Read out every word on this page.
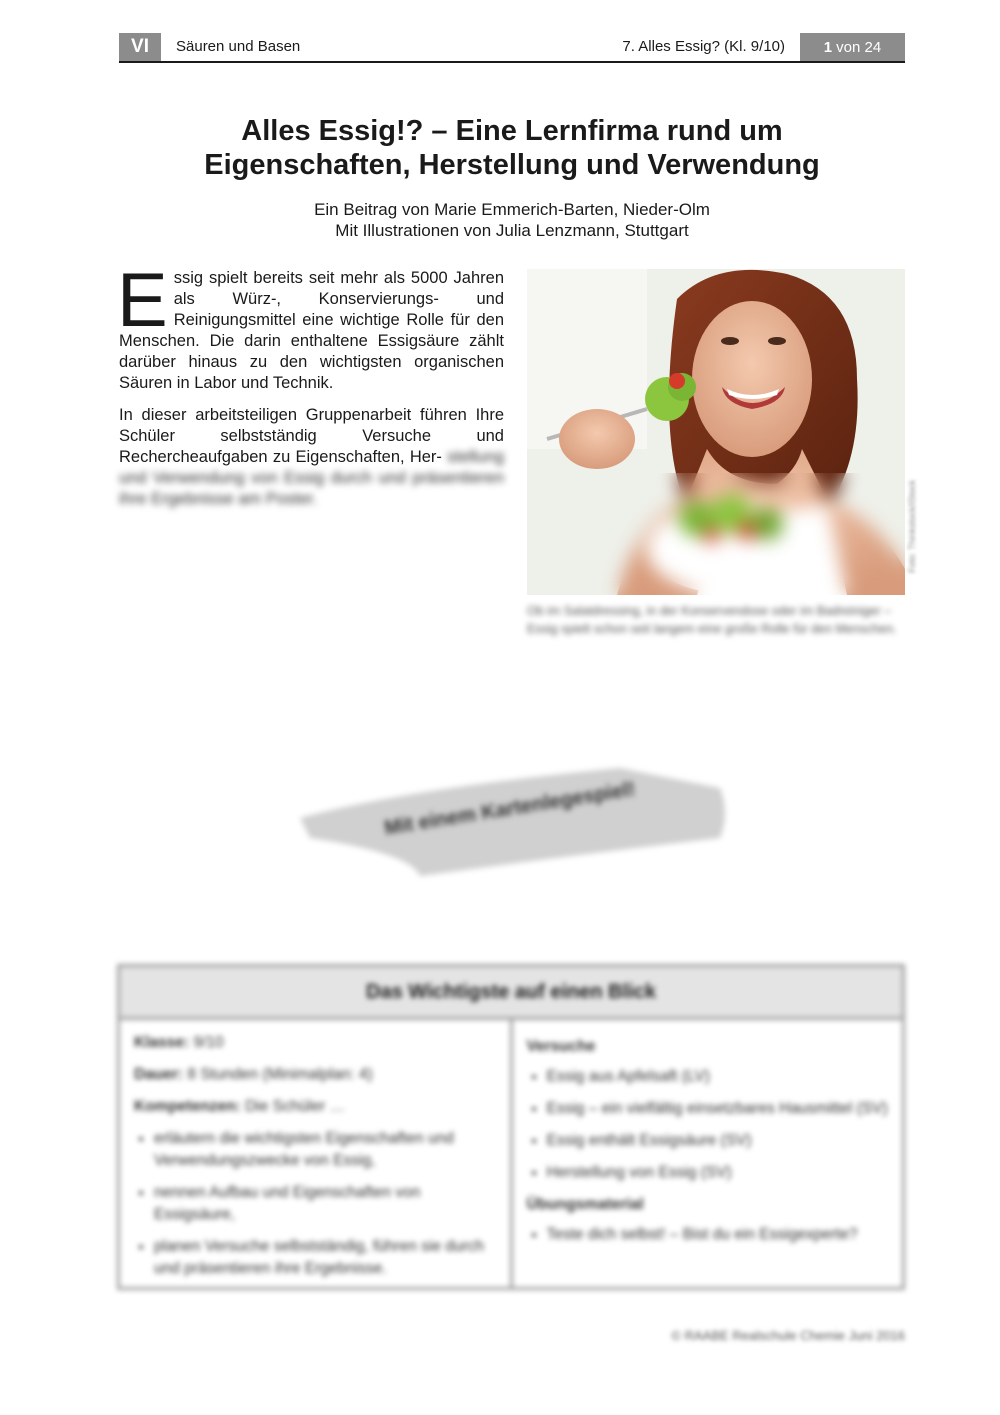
VI	Säuren und Basen	7. Alles Essig? (Kl. 9/10)	1 von 24
Alles Essig!? – Eine Lernfirma rund um
Eigenschaften, Herstellung und Verwendung
Ein Beitrag von Marie Emmerich-Barten, Nieder-Olm
Mit Illustrationen von Julia Lenzmann, Stuttgart

Essig spielt bereits seit mehr als 5000 Jahren als Würz-, Konservierungs- und Reinigungsmittel eine wichtige Rolle für den Menschen. Die darin enthaltene Essigsäure zählt darüber hinaus zu den wichtigsten organischen Säuren in Labor und Technik.

In dieser arbeitsteiligen Gruppenarbeit führen Ihre Schüler selbstständig Versuche und Rechercheaufgaben zu Eigenschaften, Her- stellung und Verwendung von Essig durch und präsentieren ihre Ergebnisse am Poster.	Foto: Thinkstock/iStock
Ob im Salatdressing, in der Konservendose oder im Badreiniger – Essig spielt schon seit langem eine große Rolle für den Menschen.
Mit einem Kartenlegespiel!
Das Wichtigste auf einen Blick

Klasse: 9/10

Dauer: 8 Stunden (Minimalplan: 4)

Kompetenzen: Die Schüler …

• erläutern die wichtigsten Eigenschaften und Verwendungszwecke von Essig,
• nennen Aufbau und Eigenschaften von Essigsäure,
• planen Versuche selbstständig, führen sie durch und präsentieren ihre Ergebnisse.
Versuche
• Essig aus Apfelsaft (LV)
• Essig – ein vielfältig einsetzbares Hausmittel (SV)
• Essig enthält Essigsäure (SV)
• Herstellung von Essig (SV)
Übungsmaterial
• Teste dich selbst! – Bist du ein Essigexperte?
© RAABE Realschule Chemie Juni 2016
